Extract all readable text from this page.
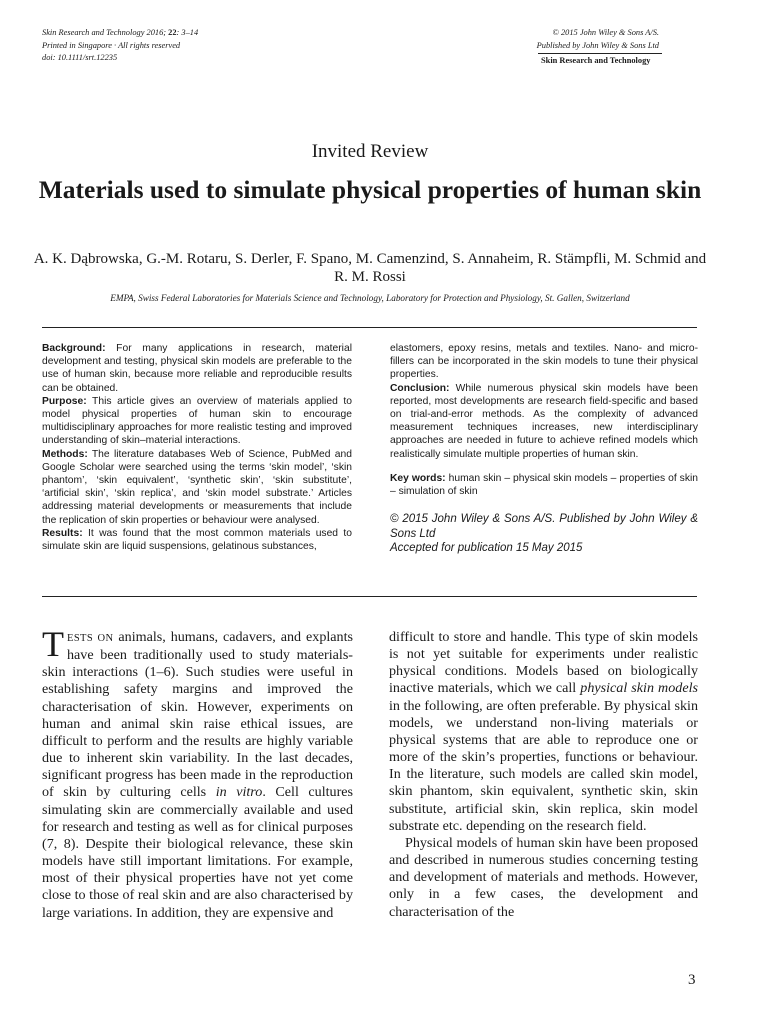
Skin Research and Technology 2016; 22: 3–14
Printed in Singapore · All rights reserved
doi: 10.1111/srt.12235
© 2015 John Wiley & Sons A/S.
Published by John Wiley & Sons Ltd
Skin Research and Technology
Invited Review
Materials used to simulate physical properties of human skin
A. K. Dąbrowska, G.-M. Rotaru, S. Derler, F. Spano, M. Camenzind, S. Annaheim, R. Stämpfli, M. Schmid and R. M. Rossi
EMPA, Swiss Federal Laboratories for Materials Science and Technology, Laboratory for Protection and Physiology, St. Gallen, Switzerland

Background: For many applications in research, material development and testing, physical skin models are preferable to the use of human skin, because more reliable and reproducible results can be obtained.

Purpose: This article gives an overview of materials applied to model physical properties of human skin to encourage multidisciplinary approaches for more realistic testing and improved understanding of skin–material interactions.

Methods: The literature databases Web of Science, PubMed and Google Scholar were searched using the terms ‘skin model’, ‘skin phantom’, ‘skin equivalent’, ‘synthetic skin’, ‘skin substitute’, ‘artificial skin’, ‘skin replica’, and ‘skin model substrate.’ Articles addressing material developments or measurements that include the replication of skin properties or behaviour were analysed.

Results: It was found that the most common materials used to simulate skin are liquid suspensions, gelatinous substances,

elastomers, epoxy resins, metals and textiles. Nano- and micro-fillers can be incorporated in the skin models to tune their physical properties.

Conclusion: While numerous physical skin models have been reported, most developments are research field-specific and based on trial-and-error methods. As the complexity of advanced measurement techniques increases, new interdisciplinary approaches are needed in future to achieve refined models which realistically simulate multiple properties of human skin.

Key words: human skin – physical skin models – properties of skin – simulation of skin

© 2015 John Wiley & Sons A/S. Published by John Wiley & Sons Ltd
Accepted for publication 15 May 2015

TESTS ON animals, humans, cadavers, and explants have been traditionally used to study materials-skin interactions (1–6). Such studies were useful in establishing safety margins and improved the characterisation of skin. However, experiments on human and animal skin raise ethical issues, are difficult to perform and the results are highly variable due to inherent skin variability. In the last decades, significant progress has been made in the reproduction of skin by culturing cells in vitro. Cell cultures simulating skin are commercially available and used for research and testing as well as for clinical purposes (7, 8). Despite their biological relevance, these skin models have still important limitations. For example, most of their physical properties have not yet come close to those of real skin and are also characterised by large variations. In addition, they are expensive and

difficult to store and handle. This type of skin models is not yet suitable for experiments under realistic physical conditions. Models based on biologically inactive materials, which we call physical skin models in the following, are often preferable. By physical skin models, we understand non-living materials or physical systems that are able to reproduce one or more of the skin’s properties, functions or behaviour. In the literature, such models are called skin model, skin phantom, skin equivalent, synthetic skin, skin substitute, artificial skin, skin replica, skin model substrate etc. depending on the research field.

Physical models of human skin have been proposed and described in numerous studies concerning testing and development of materials and methods. However, only in a few cases, the development and characterisation of the

3
